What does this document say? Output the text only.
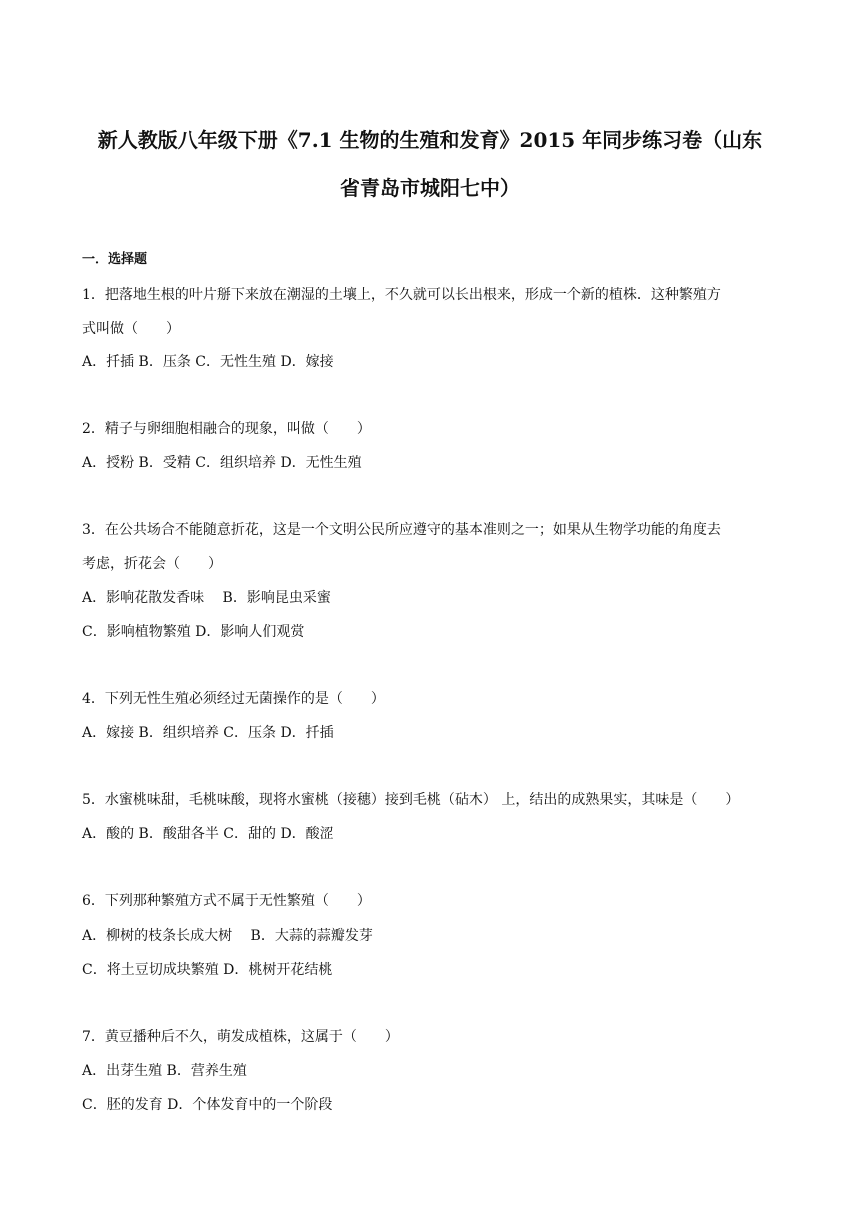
新人教版八年级下册《7.1 生物的生殖和发育》2015 年同步练习卷（山东
省青岛市城阳七中）
一．选择题
1．把落地生根的叶片掰下来放在潮湿的土壤上，不久就可以长出根来，形成一个新的植株．这种繁殖方
式叫做（　　）
A．扦插 B．压条 C．无性生殖 D．嫁接
2．精子与卵细胞相融合的现象，叫做（　　）
A．授粉 B．受精 C．组织培养 D．无性生殖
3．在公共场合不能随意折花，这是一个文明公民所应遵守的基本准则之一；如果从生物学功能的角度去
考虑，折花会（　　）
A．影响花散发香味　 B．影响昆虫采蜜
C．影响植物繁殖 D．影响人们观赏
4．下列无性生殖必须经过无菌操作的是（　　）
A．嫁接 B．组织培养 C．压条 D．扦插
5．水蜜桃味甜，毛桃味酸，现将水蜜桃（接穗）接到毛桃（砧木） 上，结出的成熟果实，其味是（　　）
A．酸的 B．酸甜各半 C．甜的 D．酸涩
6．下列那种繁殖方式不属于无性繁殖（　　）
A．柳树的枝条长成大树　 B．大蒜的蒜瓣发芽
C．将土豆切成块繁殖 D．桃树开花结桃
7．黄豆播种后不久，萌发成植株，这属于（　　）
A．出芽生殖 B．营养生殖
C．胚的发育 D．个体发育中的一个阶段
